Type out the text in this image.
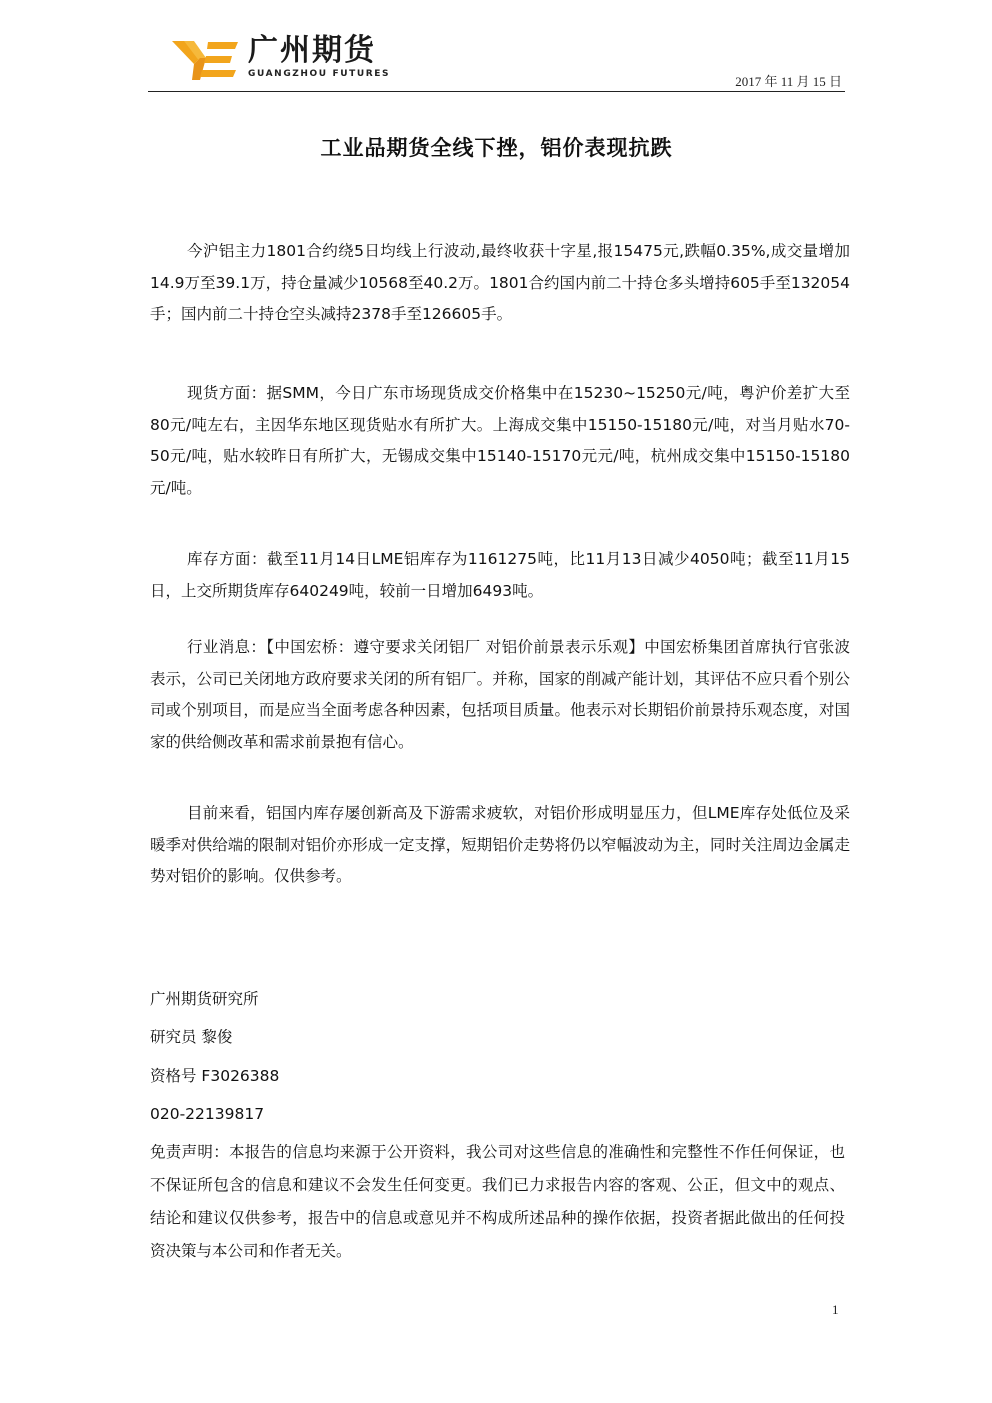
广州期货
GUANGZHOU FUTURES	2017 年 11 月 15 日
工业品期货全线下挫，铝价表现抗跌

今沪铝主力1801合约绕5日均线上行波动,最终收获十字星,报15475元,跌幅0.35%,成交量增加14.9万至39.1万，持仓量减少10568至40.2万。1801合约国内前二十持仓多头增持605手至132054手；国内前二十持仓空头减持2378手至126605手。

现货方面：据SMM，今日广东市场现货成交价格集中在15230~15250元/吨，粤沪价差扩大至80元/吨左右，主因华东地区现货贴水有所扩大。上海成交集中15150-15180元/吨，对当月贴水70-50元/吨，贴水较昨日有所扩大，无锡成交集中15140-15170元元/吨，杭州成交集中15150-15180元/吨。

库存方面：截至11月14日LME铝库存为1161275吨，比11月13日减少4050吨；截至11月15日，上交所期货库存640249吨，较前一日增加6493吨。

行业消息：【中国宏桥：遵守要求关闭铝厂 对铝价前景表示乐观】中国宏桥集团首席执行官张波表示，公司已关闭地方政府要求关闭的所有铝厂。并称，国家的削减产能计划，其评估不应只看个别公司或个别项目，而是应当全面考虑各种因素，包括项目质量。他表示对长期铝价前景持乐观态度，对国家的供给侧改革和需求前景抱有信心。

目前来看，铝国内库存屡创新高及下游需求疲软，对铝价形成明显压力，但LME库存处低位及采暖季对供给端的限制对铝价亦形成一定支撑，短期铝价走势将仍以窄幅波动为主，同时关注周边金属走势对铝价的影响。仅供参考。

广州期货研究所
研究员 黎俊
资格号 F3026388
020-22139817

免责声明：本报告的信息均来源于公开资料，我公司对这些信息的准确性和完整性不作任何保证，也不保证所包含的信息和建议不会发生任何变更。我们已力求报告内容的客观、公正，但文中的观点、结论和建议仅供参考，报告中的信息或意见并不构成所述品种的操作依据，投资者据此做出的任何投资决策与本公司和作者无关。

1
